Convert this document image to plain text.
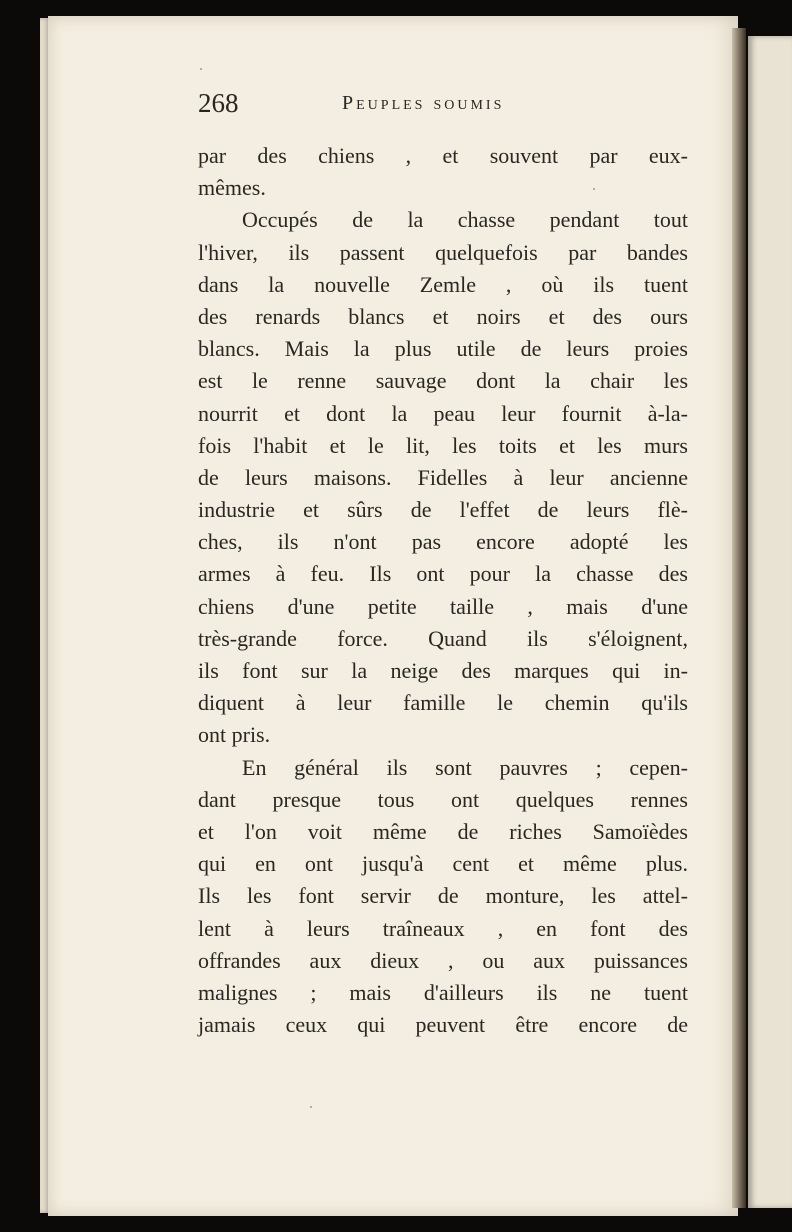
268	Peuples soumis
par des chiens , et souvent par eux-
mêmes.
Occupés de la chasse pendant tout
l'hiver, ils passent quelquefois par bandes
dans la nouvelle Zemle , où ils tuent
des renards blancs et noirs et des ours
blancs. Mais la plus utile de leurs proies
est le renne sauvage dont la chair les
nourrit et dont la peau leur fournit à-la-
fois l'habit et le lit, les toits et les murs
de leurs maisons. Fidelles à leur ancienne
industrie et sûrs de l'effet de leurs flè-
ches, ils n'ont pas encore adopté les
armes à feu. Ils ont pour la chasse des
chiens d'une petite taille , mais d'une
très-grande force. Quand ils s'éloignent,
ils font sur la neige des marques qui in-
diquent à leur famille le chemin qu'ils
ont pris.
En général ils sont pauvres ; cepen-
dant presque tous ont quelques rennes
et l'on voit même de riches Samoïèdes
qui en ont jusqu'à cent et même plus.
Ils les font servir de monture, les attel-
lent à leurs traîneaux , en font des
offrandes aux dieux , ou aux puissances
malignes ; mais d'ailleurs ils ne tuent
jamais ceux qui peuvent être encore de
